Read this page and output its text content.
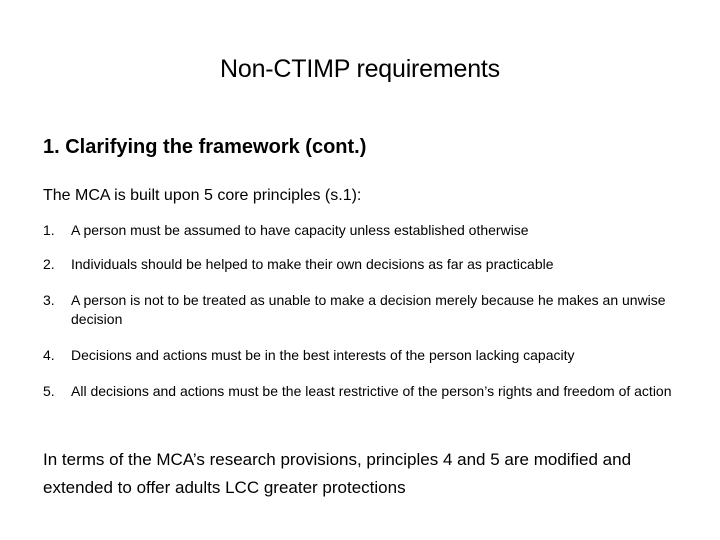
Non-CTIMP requirements
1. Clarifying the framework (cont.)
The MCA is built upon 5 core principles (s.1):
1.	A person must be assumed to have capacity unless established otherwise
2.	Individuals should be helped to make their own decisions as far as practicable
3.	A person is not to be treated as unable to make a decision merely because he makes an unwise decision
4.	Decisions and actions must be in the best interests of the person lacking capacity
5.	All decisions and actions must be the least restrictive of the person’s rights and freedom of action
In terms of the MCA’s research provisions, principles 4 and 5 are modified and extended to offer adults LCC greater protections
